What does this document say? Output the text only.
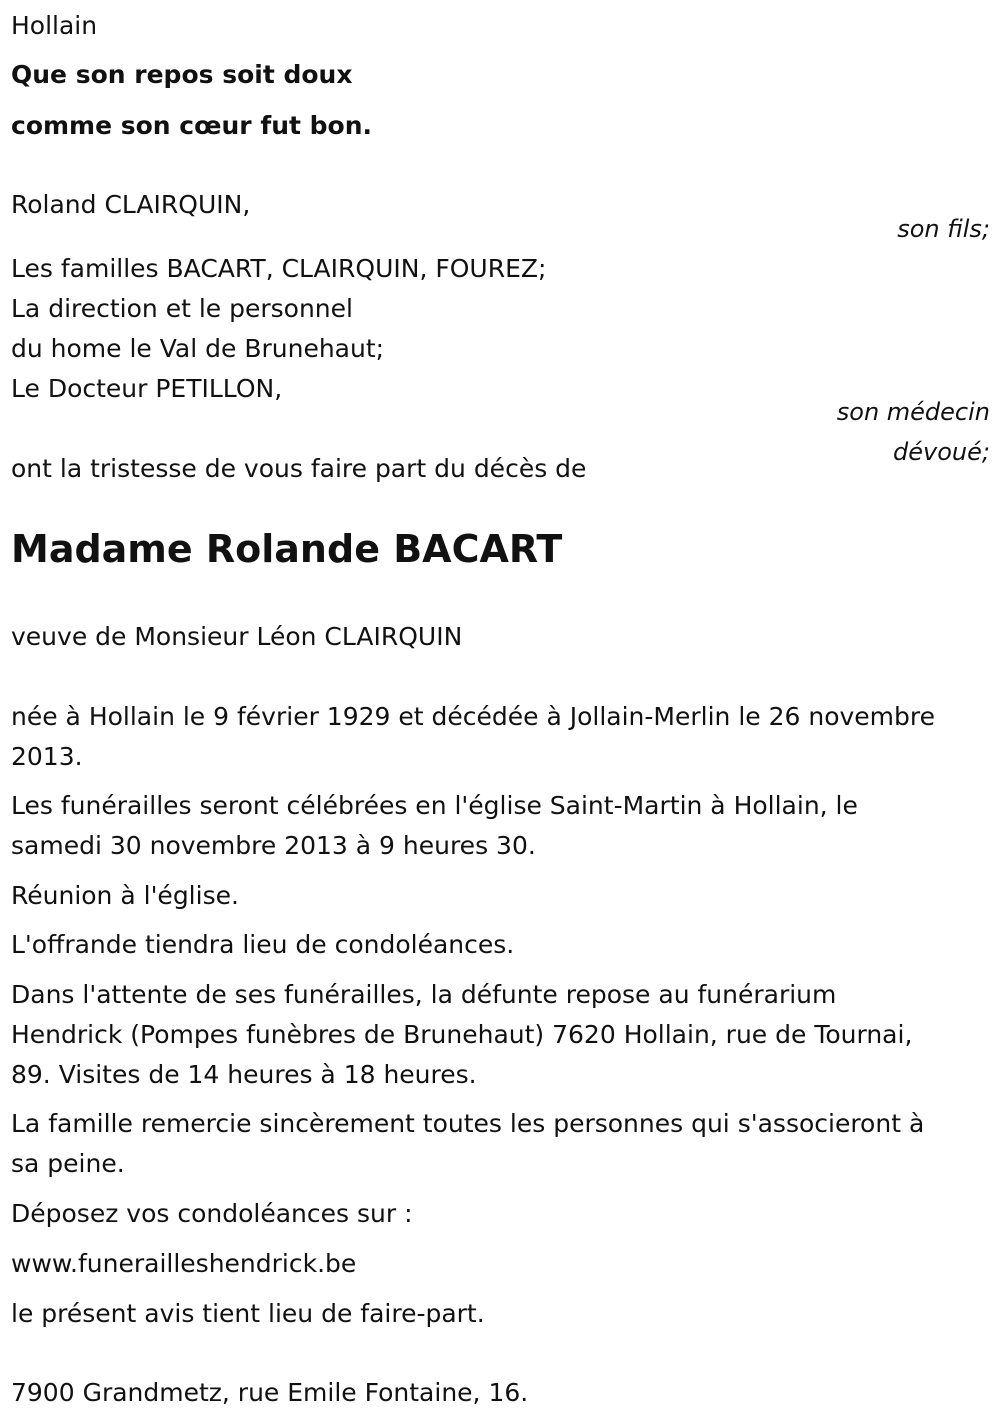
Hollain
Que son repos soit doux
comme son cœur fut bon.
Roland CLAIRQUIN,
son fils;
Les familles BACART, CLAIRQUIN, FOUREZ;
La direction et le personnel
du home le Val de Brunehaut;
Le Docteur PETILLON,
son médecin
dévoué;
ont la tristesse de vous faire part du décès de
Madame Rolande BACART
veuve de Monsieur Léon CLAIRQUIN
née à Hollain le 9 février 1929 et décédée à Jollain-Merlin le 26 novembre
2013.
Les funérailles seront célébrées en l'église Saint-Martin à Hollain, le
samedi 30 novembre 2013 à 9 heures 30.
Réunion à l'église.
L'offrande tiendra lieu de condoléances.
Dans l'attente de ses funérailles, la défunte repose au funérarium
Hendrick (Pompes funèbres de Brunehaut) 7620 Hollain, rue de Tournai,
89. Visites de 14 heures à 18 heures.
La famille remercie sincèrement toutes les personnes qui s'associeront à
sa peine.
Déposez vos condoléances sur :
www.funerailleshendrick.be
le présent avis tient lieu de faire-part.
7900 Grandmetz, rue Emile Fontaine, 16.
